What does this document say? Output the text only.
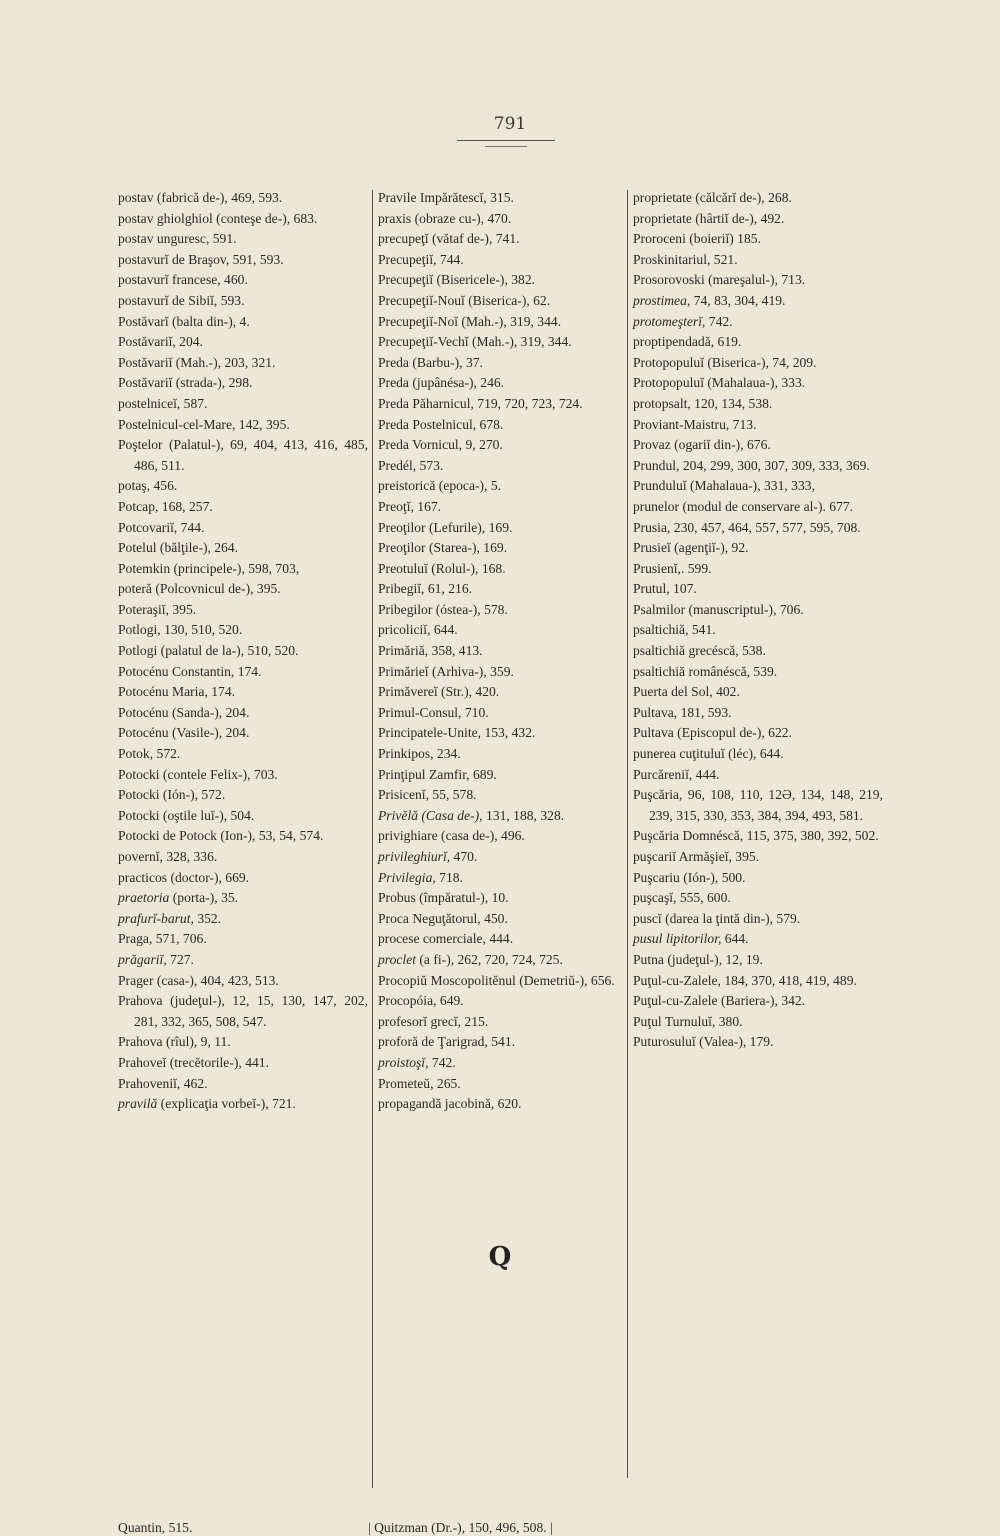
791

postav (fabrică de-), 469, 593.

postav ghiolghiol (conteşe de-), 683.

postav unguresc, 591.

postavurĭ de Braşov, 591, 593.

postavurĭ francese, 460.

postavurĭ de Sibiĭ, 593.

Postăvarĭ (balta din-), 4.

Postăvariĭ, 204.

Postăvariĭ (Mah.-), 203, 321.

Postăvariĭ (strada-), 298.

postelniceĭ, 587.

Postelnicul-cel-Mare, 142, 395.

Poştelor (Palatul-), 69, 404, 413, 416, 485, 486, 511.

potaş, 456.

Potcap, 168, 257.

Potcovariĭ, 744.

Potelul (bălţile-), 264.

Potemkin (principele-), 598, 703,

poteră (Polcovnicul de-), 395.

Poteraşiĭ, 395.

Potlogi, 130, 510, 520.

Potlogi (palatul de la-), 510, 520.

Potocénu Constantin, 174.

Potocénu Maria, 174.

Potocénu (Sanda-), 204.

Potocénu (Vasile-), 204.

Potok, 572.

Potocki (contele Felix-), 703.

Potocki (Ión-), 572.

Potocki (oştile luĭ-), 504.

Potocki de Potock (Ion-), 53, 54, 574.

povernĭ, 328, 336.

practicos (doctor-), 669.

praetoria (porta-), 35.

prafurĭ-barut, 352.

Praga, 571, 706.

prăgariĭ, 727.

Prager (casa-), 404, 423, 513.

Prahova (judeţul-), 12, 15, 130, 147, 202, 281, 332, 365, 508, 547.

Prahova (rîul), 9, 11.

Prahoveĭ (trecĕtorile-), 441.

Prahoveniĭ, 462.

pravilă (explicaţia vorbeĭ-), 721.

Pravile Impărătescĭ, 315.

praxis (obraze cu-), 470.

precupeţĭ (vătaf de-), 741.

Precupeţiĭ, 744.

Precupeţiĭ (Bisericele-), 382.

Precupeţiĭ-Nouĭ (Biserica-), 62.

Precupeţiĭ-Noĭ (Mah.-), 319, 344.

Precupeţiĭ-Vechĭ (Mah.-), 319, 344.

Preda (Barbu-), 37.

Preda (jupânésa-), 246.

Preda Păharnicul, 719, 720, 723, 724.

Preda Postelnicul, 678.

Preda Vornicul, 9, 270.

Predél, 573.

preistorică (epoca-), 5.

Preoţĭ, 167.

Preoţilor (Lefurile), 169.

Preoţilor (Starea-), 169.

Preotuluĭ (Rolul-), 168.

Pribegiĭ, 61, 216.

Pribegilor (óstea-), 578.

pricoliciĭ, 644.

Primăriă, 358, 413.

Primărieĭ (Arhiva-), 359.

Primăvereĭ (Str.), 420.

Primul-Consul, 710.

Principatele-Unite, 153, 432.

Prinkipos, 234.

Prinţipul Zamfir, 689.

Prisicenĭ, 55, 578.

Privĕlă (Casa de-), 131, 188, 328.

privighiare (casa de-), 496.

privileghiurĭ, 470.

Privilegia, 718.

Probus (împăratul-), 10.

Proca Neguţătorul, 450.

procese comerciale, 444.

proclet (a fi-), 262, 720, 724, 725.

Procopiŭ Moscopolitĕnul (Demetriŭ-), 656.

Procopóia, 649.

profesorĭ grecĭ, 215.

proforă de Ţarigrad, 541.

proistoşĭ, 742.

Prometeŭ, 265.

propagandă jacobină, 620.

proprietate (călcărĭ de-), 268.

proprietate (hârtiĭ de-), 492.

Proroceni (boieriĭ) 185.

Proskinitariul, 521.

Prosorovoski (mareşalul-), 713.

prostimea, 74, 83, 304, 419.

protomeşterĭ, 742.

proptipendadă, 619.

Protopopuluĭ (Biserica-), 74, 209.

Protopopuluĭ (Mahalaua-), 333.

protopsalt, 120, 134, 538.

Proviant-Maistru, 713.

Provaz (ogariĭ din-), 676.

Prundul, 204, 299, 300, 307, 309, 333, 369.

Prunduluĭ (Mahalaua-), 331, 333,

prunelor (modul de conservare al-). 677.

Prusia, 230, 457, 464, 557, 577, 595, 708.

Prusieĭ (agenţiĭ-), 92.

Prusienĭ,. 599.

Prutul, 107.

Psalmilor (manuscriptul-), 706.

psaltichiă, 541.

psaltichiă grecéscă, 538.

psaltichiă românéscă, 539.

Puerta del Sol, 402.

Pultava, 181, 593.

Pultava (Episcopul de-), 622.

punerea cuţituluĭ (léc), 644.

Purcăreniĭ, 444.

Puşcăria, 96, 108, 110, 12Ə, 134, 148, 219, 239, 315, 330, 353, 384, 394, 493, 581.

Puşcăria Domnéscă, 115, 375, 380, 392, 502.

puşcariĭ Armăşieĭ, 395.

Puşcariu (Ión-), 500.

puşcaşĭ, 555, 600.

puscĭ (darea la ţintă din-), 579.

pusul lipitorilor, 644.

Putna (judeţul-), 12, 19.

Puţul-cu-Zalele, 184, 370, 418, 419, 489.

Puţul-cu-Zalele (Bariera-), 342.

Puţul Turnuluĭ, 380.

Puturosuluĭ (Valea-), 179.

Q
Quantin, 515.	| Quitzman (Dr.-), 150, 496, 508. |
